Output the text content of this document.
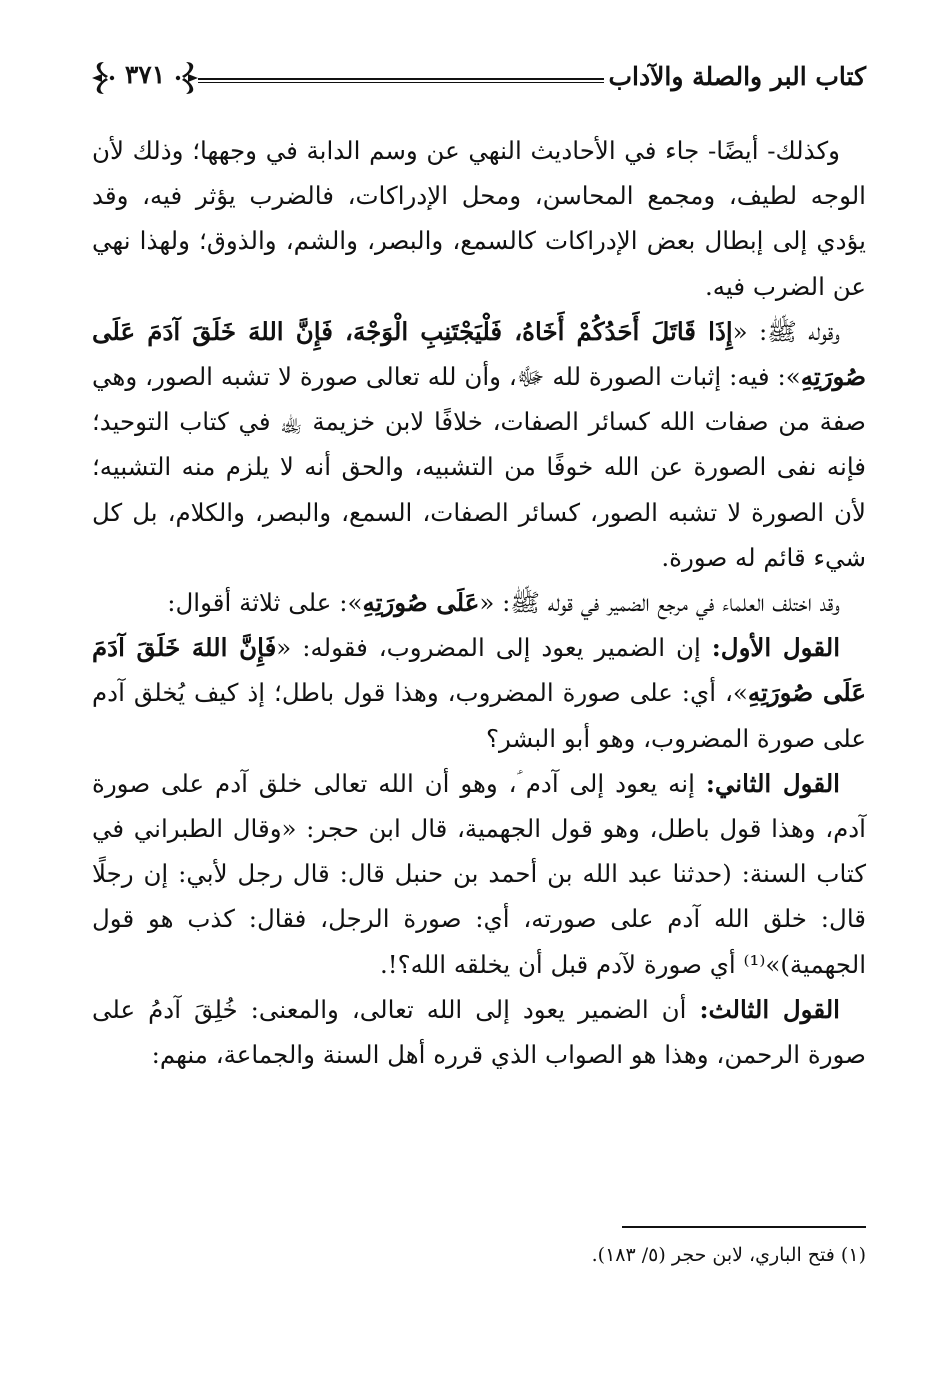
كتاب البر والصلة والآداب
٣٧١

وكذلك- أيضًا- جاء في الأحاديث النهي عن وسم الدابة في وجهها؛ وذلك لأن الوجه لطيف، ومجمع المحاسن، ومحل الإدراكات، فالضرب يؤثر فيه، وقد يؤدي إلى إبطال بعض الإدراكات كالسمع، والبصر، والشم، والذوق؛ ولهذا نهي عن الضرب فيه.

وقوله ﷺ: «إِذَا قَاتَلَ أَحَدُكُمْ أَخَاهُ، فَلْيَجْتَنِبِ الْوَجْهَ، فَإِنَّ اللهَ خَلَقَ آدَمَ عَلَى صُورَتِهِ»: فيه: إثبات الصورة لله ﷻ، وأن لله تعالى صورة لا تشبه الصور، وهي صفة من صفات الله كسائر الصفات، خلافًا لابن خزيمة ﵀ في كتاب التوحيد؛ فإنه نفى الصورة عن الله خوفًا من التشبيه، والحق أنه لا يلزم منه التشبيه؛ لأن الصورة لا تشبه الصور، كسائر الصفات، السمع، والبصر، والكلام، بل كل شيء قائم له صورة.

وقد اختلف العلماء في مرجع الضمير في قوله ﷺ: «عَلَى صُورَتِهِ»: على ثلاثة أقوال:

القول الأول: إن الضمير يعود إلى المضروب، فقوله: «فَإِنَّ اللهَ خَلَقَ آدَمَ عَلَى صُورَتِهِ»، أي: على صورة المضروب، وهذا قول باطل؛ إذ كيف يُخلق آدم على صورة المضروب، وهو أبو البشر؟

القول الثاني: إنه يعود إلى آدم ؑ، وهو أن الله تعالى خلق آدم على صورة آدم، وهذا قول باطل، وهو قول الجهمية، قال ابن حجر: «وقال الطبراني في كتاب السنة: (حدثنا عبد الله بن أحمد بن حنبل قال: قال رجل لأبي: إن رجلًا قال: خلق الله آدم على صورته، أي: صورة الرجل، فقال: كذب هو قول الجهمية)»⁽¹⁾ أي صورة لآدم قبل أن يخلقه الله؟!.

القول الثالث: أن الضمير يعود إلى الله تعالى، والمعنى: خُلِقَ آدمُ على صورة الرحمن، وهذا هو الصواب الذي قرره أهل السنة والجماعة، منهم:

(١) فتح الباري، لابن حجر (٥/ ١٨٣).
